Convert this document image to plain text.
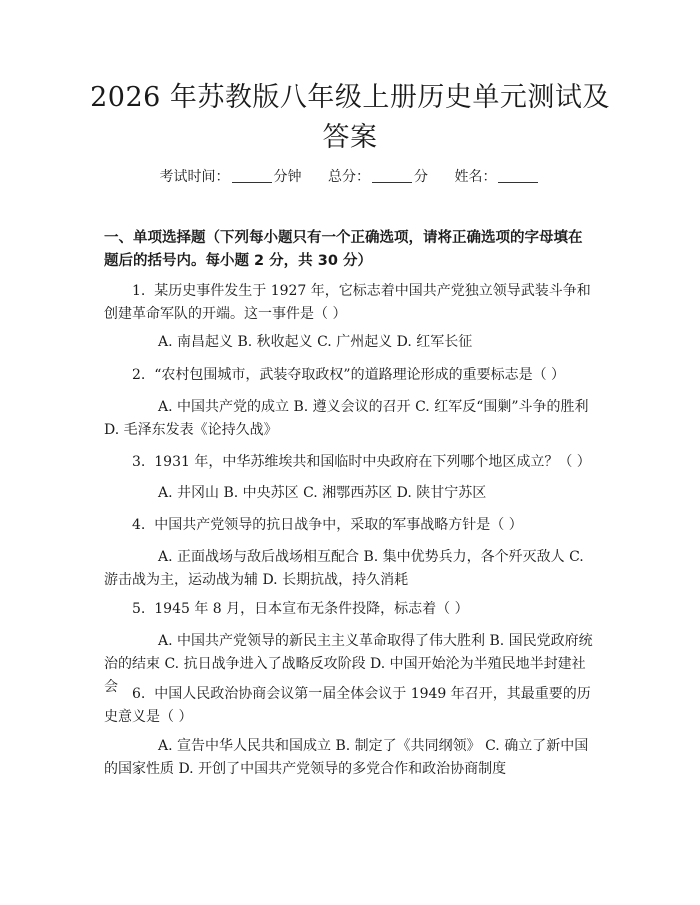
2026 年苏教版八年级上册历史单元测试及答案
考试时间：	分钟 总分：	分 姓名：

一、单项选择题（下列每小题只有一个正确选项，请将正确选项的字母填在题后的括号内。每小题 2 分，共 30 分）

1. 某历史事件发生于 1927 年，它标志着中国共产党独立领导武装斗争和创建革命军队的开端。这一事件是（ ）

A. 南昌起义 B. 秋收起义 C. 广州起义 D. 红军长征

2. “农村包围城市，武装夺取政权”的道路理论形成的重要标志是（ ）

A. 中国共产党的成立 B. 遵义会议的召开 C. 红军反“围剿”斗争的胜利 D. 毛泽东发表《论持久战》

3. 1931 年，中华苏维埃共和国临时中央政府在下列哪个地区成立？（ ）

A. 井冈山 B. 中央苏区 C. 湘鄂西苏区 D. 陕甘宁苏区

4. 中国共产党领导的抗日战争中，采取的军事战略方针是（ ）

A. 正面战场与敌后战场相互配合 B. 集中优势兵力，各个歼灭敌人 C. 游击战为主，运动战为辅 D. 长期抗战，持久消耗

5. 1945 年 8 月，日本宣布无条件投降，标志着（ ）

A. 中国共产党领导的新民主主义革命取得了伟大胜利 B. 国民党政府统治的结束 C. 抗日战争进入了战略反攻阶段 D. 中国开始沦为半殖民地半封建社会	6. 中国人民政治协商会议第一届全体会议于 1949 年召开，其最重要的历史意义是（ ）

A. 宣告中华人民共和国成立 B. 制定了《共同纲领》 C. 确立了新中国的国家性质 D. 开创了中国共产党领导的多党合作和政治协商制度
